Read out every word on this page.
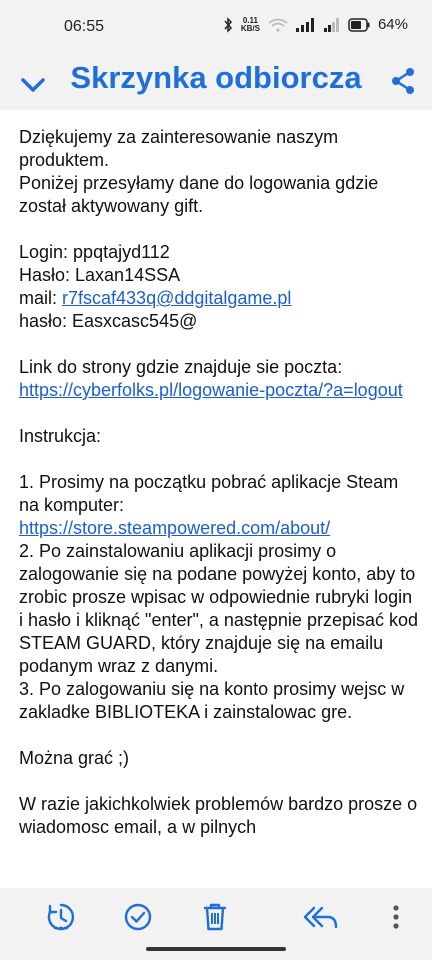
06:55	0.11
KB/S	64%
Skrzynka odbiorcza

Dziękujemy za zainteresowanie naszym produktem.

Poniżej przesyłamy dane do logowania gdzie został aktywowany gift.

Login: ppqtajyd112

Hasło: Laxan14SSA

mail: r7fscaf433q@ddgitalgame.pl

hasło: Easxcasc545@

Link do strony gdzie znajduje sie poczta: https://cyberfolks.pl/logowanie-poczta/?a=logout

Instrukcja:

1. Prosimy na początku pobrać aplikacje Steam na komputer: https://store.steampowered.com/about/

2. Po zainstalowaniu aplikacji prosimy o zalogowanie się na podane powyżej konto, aby to zrobic prosze wpisac w odpowiednie rubryki login i hasło i kliknąć "enter", a następnie przepisać kod STEAM GUARD, który znajduje się na emailu podanym wraz z danymi.

3. Po zalogowaniu się na konto prosimy wejsc w zakladke BIBLIOTEKA i zainstalowac gre.

Można grać ;)

W razie jakichkolwiek problemów bardzo prosze o wiadomosc email, a w pilnych
